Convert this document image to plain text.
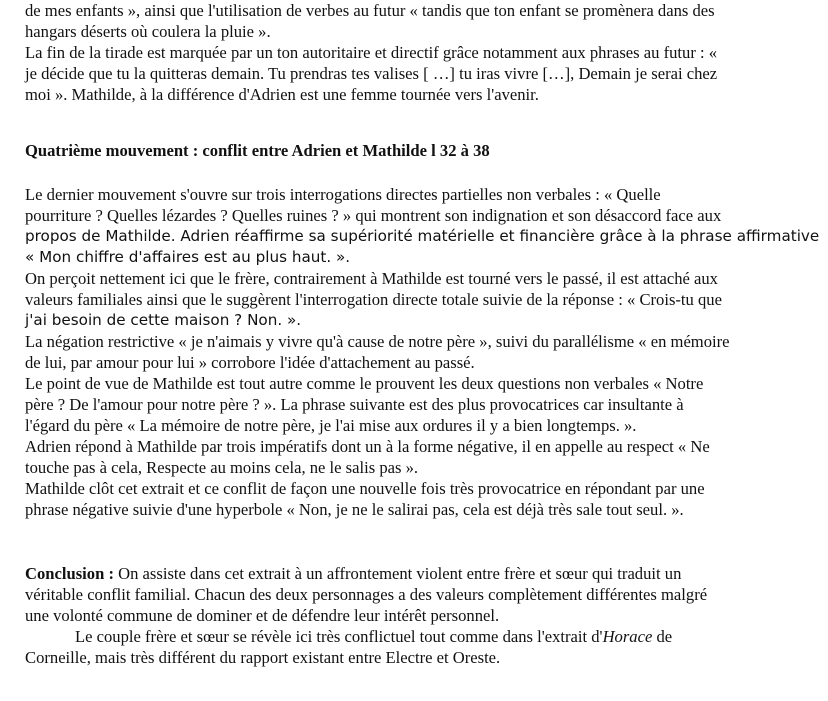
de mes enfants », ainsi que l'utilisation de verbes au futur « tandis que ton enfant se promènera dans des
hangars déserts où coulera la pluie ».
La fin de la tirade est marquée par un ton autoritaire et directif grâce notamment aux phrases au futur : «
je décide que tu la quitteras demain. Tu prendras tes valises [ …] tu iras vivre […], Demain je serai chez
moi ». Mathilde, à la différence d'Adrien est une femme tournée vers l'avenir.

Quatrième mouvement : conflit entre Adrien et Mathilde l 32 à 38

Le dernier mouvement s'ouvre sur trois interrogations directes partielles non verbales : « Quelle
pourriture ? Quelles lézardes ? Quelles ruines ? » qui montrent son indignation et son désaccord face aux
propos de Mathilde. Adrien réaffirme sa supériorité matérielle et financière grâce à la phrase affirmative
« Mon chiffre d'affaires est au plus haut. ».
On perçoit nettement ici que le frère, contrairement à Mathilde est tourné vers le passé, il est attaché aux
valeurs familiales ainsi que le suggèrent l'interrogation directe totale suivie de la réponse : « Crois-tu que
j'ai besoin de cette maison ? Non. ».
La négation restrictive « je n'aimais y vivre qu'à cause de notre père », suivi du parallélisme « en mémoire
de lui, par amour pour lui » corrobore l'idée d'attachement au passé.
Le point de vue de Mathilde est tout autre comme le prouvent les deux questions non verbales « Notre
père ? De l'amour pour notre père ? ». La phrase suivante est des plus provocatrices car insultante à
l'égard du père « La mémoire de notre père, je l'ai mise aux ordures il y a bien longtemps. ».
Adrien répond à Mathilde par trois impératifs dont un à la forme négative, il en appelle au respect « Ne
touche pas à cela, Respecte au moins cela, ne le salis pas ».
Mathilde clôt cet extrait et ce conflit de façon une nouvelle fois très provocatrice en répondant par une
phrase négative suivie d'une hyperbole « Non, je ne le salirai pas, cela est déjà très sale tout seul. ».

Conclusion : On assiste dans cet extrait à un affrontement violent entre frère et sœur qui traduit un
véritable conflit familial. Chacun des deux personnages a des valeurs complètement différentes malgré
une volonté commune de dominer et de défendre leur intérêt personnel.
Le couple frère et sœur se révèle ici très conflictuel tout comme dans l'extrait d'Horace de
Corneille, mais très différent du rapport existant entre Electre et Oreste.
